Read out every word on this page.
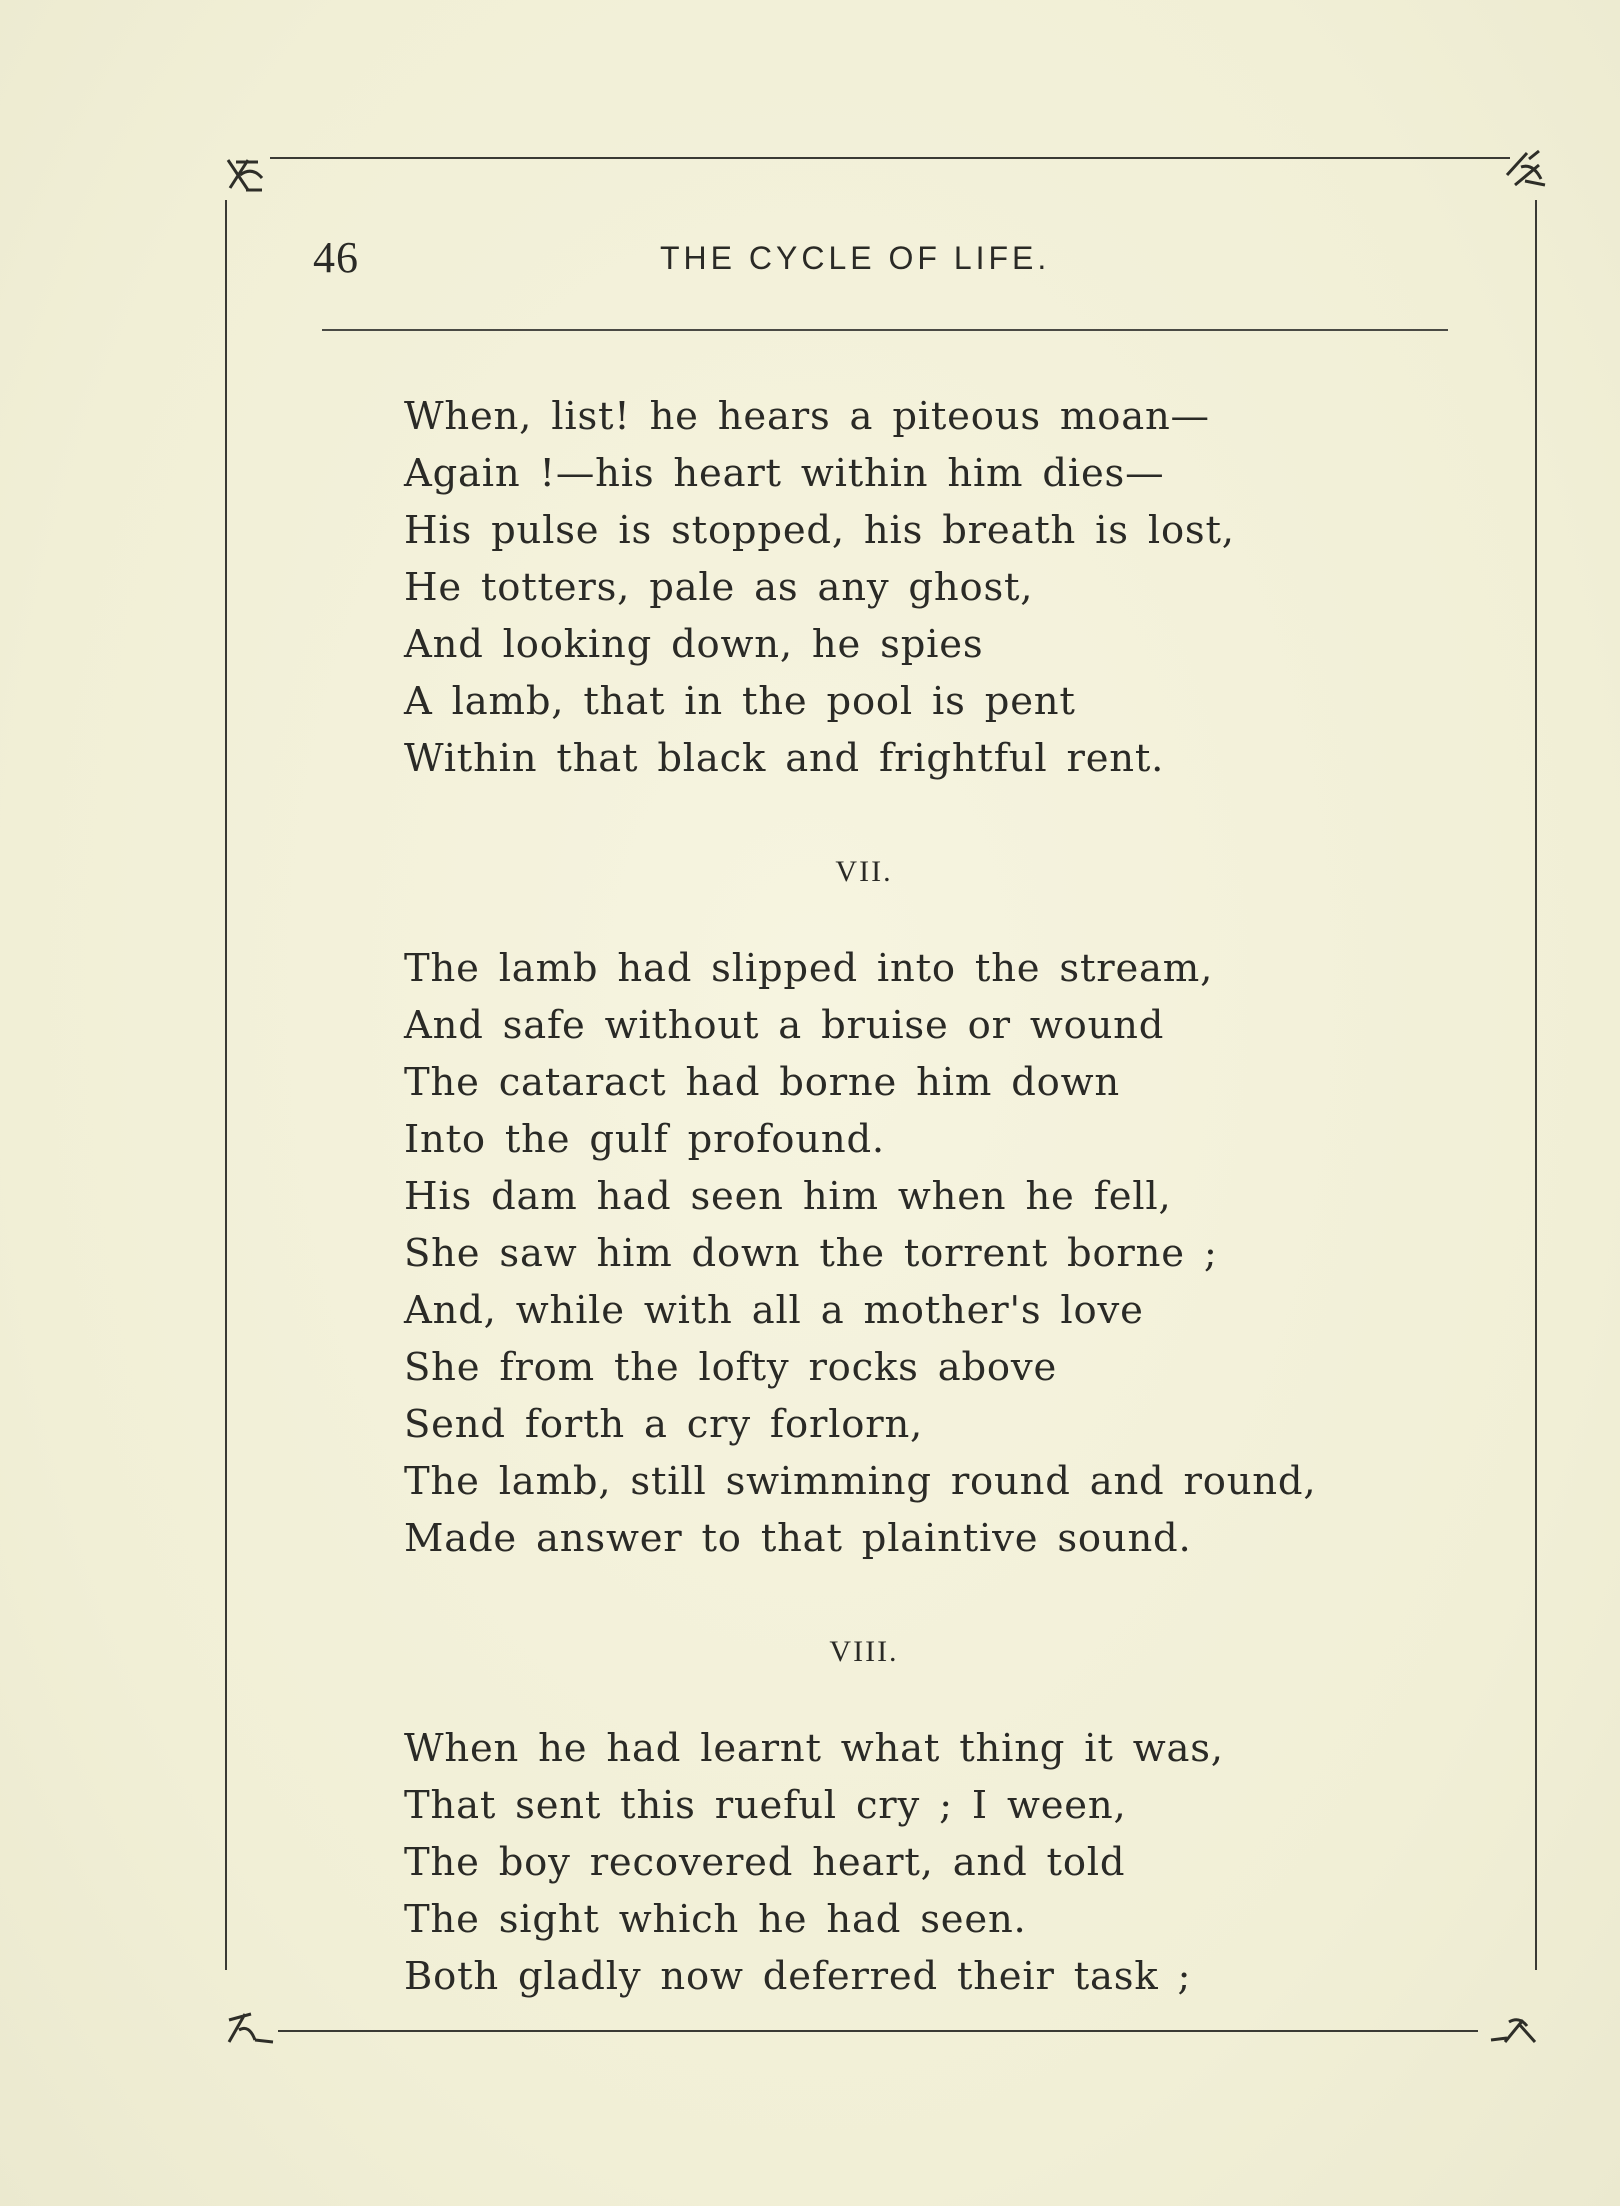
46	THE CYCLE OF LIFE.
When, list! he hears a piteous moan—
Again !—his heart within him dies—
His pulse is stopped, his breath is lost,
He totters, pale as any ghost,
And looking down, he spies
A lamb, that in the pool is pent
Within that black and frightful rent.
VII.
The lamb had slipped into the stream,
And safe without a bruise or wound
The cataract had borne him down
Into the gulf profound.
His dam had seen him when he fell,
She saw him down the torrent borne ;
And, while with all a mother's love
She from the lofty rocks above
Send forth a cry forlorn,
The lamb, still swimming round and round,
Made answer to that plaintive sound.
VIII.
When he had learnt what thing it was,
That sent this rueful cry ; I ween,
The boy recovered heart, and told
The sight which he had seen.
Both gladly now deferred their task ;
